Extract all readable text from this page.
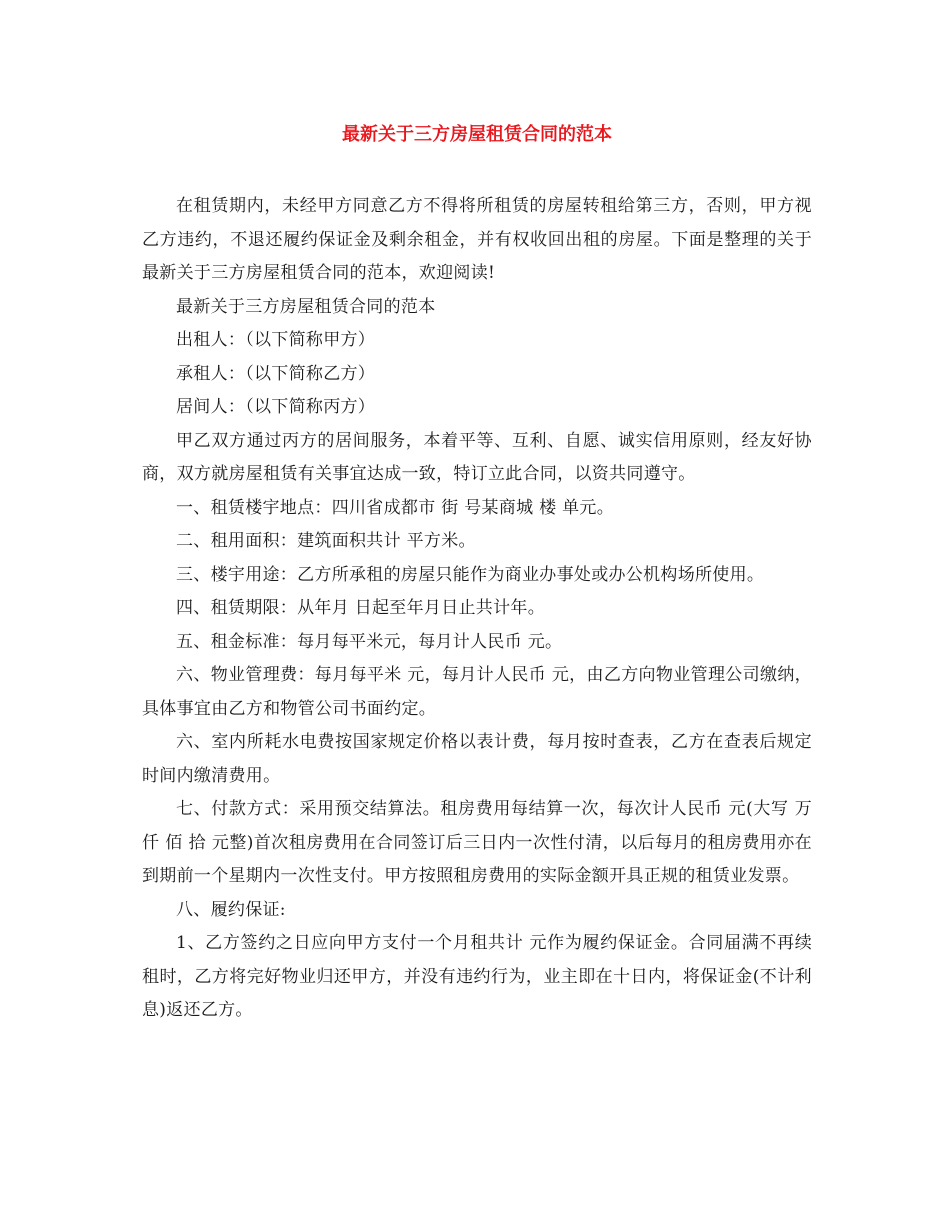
最新关于三方房屋租赁合同的范本

在租赁期内，未经甲方同意乙方不得将所租赁的房屋转租给第三方，否则，甲方视乙方违约，不退还履约保证金及剩余租金，并有权收回出租的房屋。下面是整理的关于最新关于三方房屋租赁合同的范本，欢迎阅读!

最新关于三方房屋租赁合同的范本

出租人：（以下简称甲方）

承租人：（以下简称乙方）

居间人：（以下简称丙方）

甲乙双方通过丙方的居间服务，本着平等、互利、自愿、诚实信用原则，经友好协商，双方就房屋租赁有关事宜达成一致，特订立此合同，以资共同遵守。

一、租赁楼宇地点：四川省成都市 街 号某商城 楼 单元。

二、租用面积：建筑面积共计 平方米。

三、楼宇用途：乙方所承租的房屋只能作为商业办事处或办公机构场所使用。

四、租赁期限：从年月 日起至年月日止共计年。

五、租金标准：每月每平米元，每月计人民币 元。

六、物业管理费：每月每平米 元，每月计人民币 元，由乙方向物业管理公司缴纳，具体事宜由乙方和物管公司书面约定。

六、室内所耗水电费按国家规定价格以表计费，每月按时查表，乙方在查表后规定时间内缴清费用。

七、付款方式：采用预交结算法。租房费用每结算一次，每次计人民币 元(大写 万 仟 佰 拾 元整)首次租房费用在合同签订后三日内一次性付清，以后每月的租房费用亦在到期前一个星期内一次性支付。甲方按照租房费用的实际金额开具正规的租赁业发票。

八、履约保证:

1、乙方签约之日应向甲方支付一个月租共计 元作为履约保证金。合同届满不再续租时，乙方将完好物业归还甲方，并没有违约行为，业主即在十日内，将保证金(不计利息)返还乙方。
